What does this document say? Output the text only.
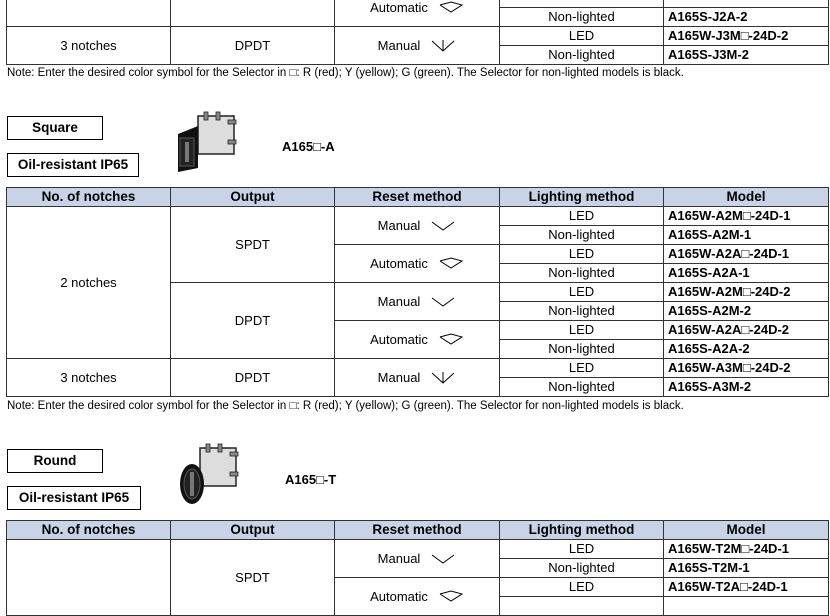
		Automatic		

			Non-lighted	A165S-J2A-2
3 notches	DPDT	Manual	LED	A165W-J3M□-24D-2
			Non-lighted	A165S-J3M-2
Note: Enter the desired color symbol for the Selector in □: R (red); Y (yellow); G (green). The Selector for non-lighted models is black.
Square
Oil-resistant IP65
A165□-A
No. of notches	Output	Reset method	Lighting method	Model
2 notches	SPDT	Manual	LED	A165W-A2M□-24D-1
			Non-lighted	A165S-A2M-1

		Automatic	LED	A165W-A2A□-24D-1
			Non-lighted	A165S-A2A-1
	DPDT	Manual	LED	A165W-A2M□-24D-2
			Non-lighted	A165S-A2M-2

		Automatic	LED	A165W-A2A□-24D-2
			Non-lighted	A165S-A2A-2
3 notches	DPDT	Manual	LED	A165W-A3M□-24D-2
			Non-lighted	A165S-A3M-2
Note: Enter the desired color symbol for the Selector in □: R (red); Y (yellow); G (green). The Selector for non-lighted models is black.
Round
Oil-resistant IP65
A165□-T
No. of notches	Output	Reset method	Lighting method	Model
	SPDT	Manual	LED	A165W-T2M□-24D-1
			Non-lighted	A165S-T2M-1

		Automatic	LED	A165W-T2A□-24D-1
